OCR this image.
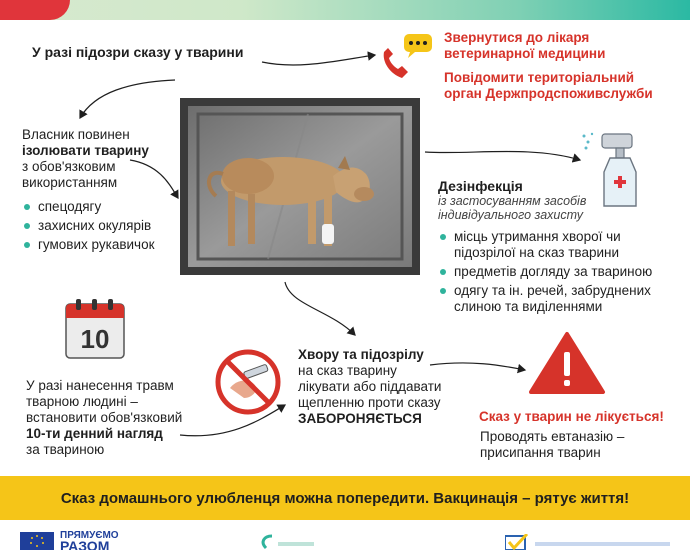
У разі підозри сказу у тварини
Звернутися до лікаря
ветеринарної медицини
Повідомити територіальний
орган Держпродспоживслужби
Власник повинен
ізолювати тварину
з обов'язковим
використанням
спецодягу
захисних окулярів
гумових рукавичок
Дезінфекція
із застосуванням засобів
індивідуального захисту
місць утримання хворої чи підозрілої на сказ тварини
предметів догляду за твариною
одягу та ін. речей, забруднених слиною та виділеннями
10
У разі нанесення травм
тварною людині –
встановити обов'язковий
10-ти денний нагляд
за твариною
Хвору та підозрілу
на сказ тварину
лікувати або піддавати
щепленню проти сказу
ЗАБОРОНЯЄТЬСЯ	Сказ у тварин не лікується!
Проводять евтаназію –
присипання тварин
Сказ домашнього улюбленця можна попередити. Вакцинація – рятує життя!
ПРЯМУЄМО
РАЗОМ
